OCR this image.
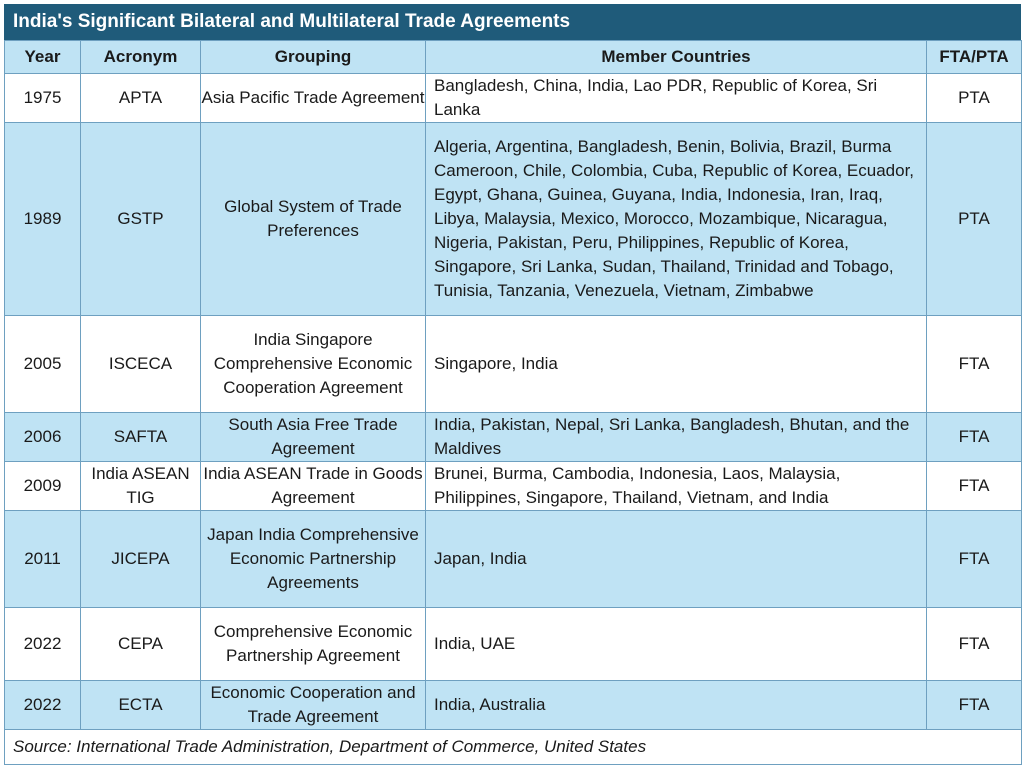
India's Significant Bilateral and Multilateral Trade Agreements
Year	Acronym	Grouping	Member Countries	FTA/PTA
1975	APTA	Asia Pacific Trade Agreement	Bangladesh, China, India, Lao PDR, Republic of Korea, Sri Lanka	PTA
1989	GSTP	Global System of Trade Preferences	Algeria, Argentina, Bangladesh, Benin, Bolivia, Brazil, Burma Cameroon, Chile, Colombia, Cuba, Republic of Korea, Ecuador, Egypt, Ghana, Guinea, Guyana, India, Indonesia, Iran, Iraq, Libya, Malaysia, Mexico, Morocco, Mozambique, Nicaragua, Nigeria, Pakistan, Peru, Philippines, Republic of Korea, Singapore, Sri Lanka, Sudan, Thailand, Trinidad and Tobago, Tunisia, Tanzania, Venezuela, Vietnam, Zimbabwe	PTA
2005	ISCECA	India Singapore Comprehensive Economic Cooperation Agreement	Singapore, India	FTA
2006	SAFTA	South Asia Free Trade Agreement	India, Pakistan, Nepal, Sri Lanka, Bangladesh, Bhutan, and the Maldives	FTA
2009	India ASEAN TIG	India ASEAN Trade in Goods Agreement	Brunei, Burma, Cambodia, Indonesia, Laos, Malaysia, Philippines, Singapore, Thailand, Vietnam, and India	FTA
2011	JICEPA	Japan India Comprehensive Economic Partnership Agreements	Japan, India	FTA
2022	CEPA	Comprehensive Economic Partnership Agreement	India, UAE	FTA
2022	ECTA	Economic Cooperation and Trade Agreement	India, Australia	FTA
Source: International Trade Administration, Department of Commerce, United States				
